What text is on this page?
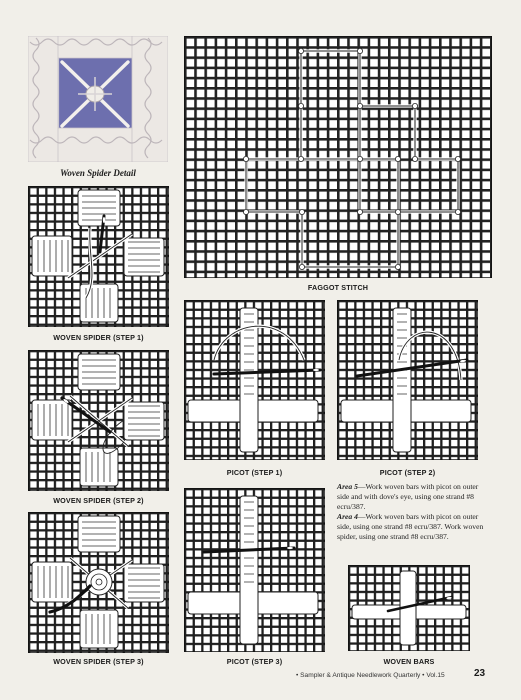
Woven Spider Detail
FAGGOT STITCH
WOVEN SPIDER (STEP 1)
WOVEN SPIDER (STEP 2)
WOVEN SPIDER (STEP 3)
PICOT (STEP 1)	PICOT (STEP 2)
PICOT (STEP 3)

Area 5—Work woven bars with picot on outer side and with dove's eye, using one strand #8 ecru/387.

Area 4—Work woven bars with picot on outer side, using one strand #8 ecru/387. Work woven spider, using one strand #8 ecru/387.

WOVEN BARS
• Sampler & Antique Needlework Quarterly • Vol.15	23
